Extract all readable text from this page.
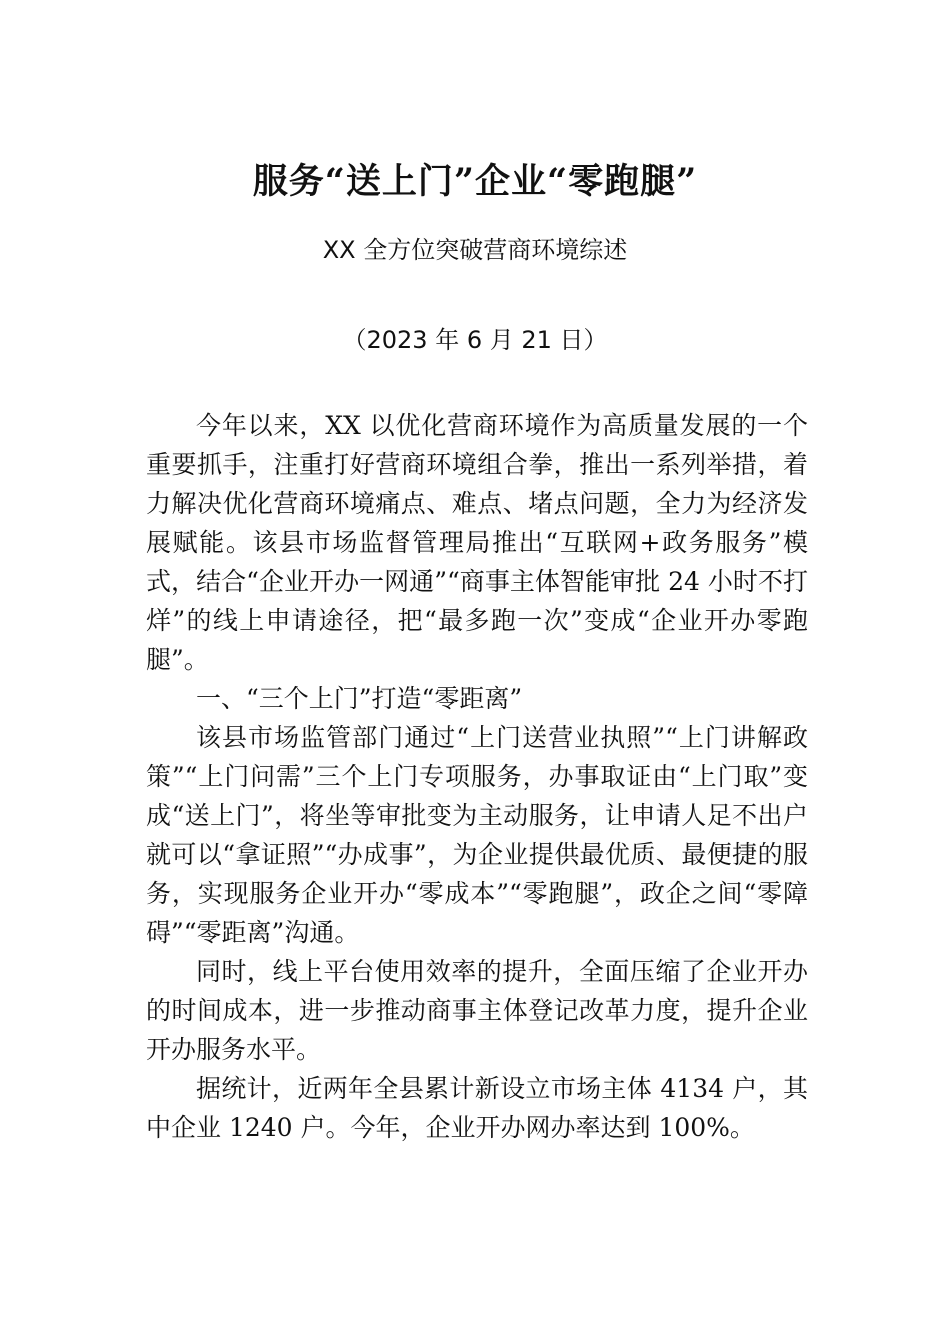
服务“送上门”企业“零跑腿”
XX 全方位突破营商环境综述
（2023 年 6 月 21 日）

今年以来，XX 以优化营商环境作为高质量发展的一个重要抓手，注重打好营商环境组合拳，推出一系列举措，着力解决优化营商环境痛点、难点、堵点问题，全力为经济发展赋能。该县市场监督管理局推出“互联网+政务服务”模式，结合“企业开办一网通”“商事主体智能审批 24 小时不打烊”的线上申请途径，把“最多跑一次”变成“企业开办零跑腿”。

一、“三个上门”打造“零距离”

该县市场监管部门通过“上门送营业执照”“上门讲解政策”“上门问需”三个上门专项服务，办事取证由“上门取”变成“送上门”，将坐等审批变为主动服务，让申请人足不出户就可以“拿证照”“办成事”，为企业提供最优质、最便捷的服务，实现服务企业开办“零成本”“零跑腿”，政企之间“零障碍”“零距离”沟通。

同时，线上平台使用效率的提升，全面压缩了企业开办的时间成本，进一步推动商事主体登记改革力度，提升企业开办服务水平。

据统计，近两年全县累计新设立市场主体 4134 户，其中企业 1240 户。今年，企业开办网办率达到 100%。
